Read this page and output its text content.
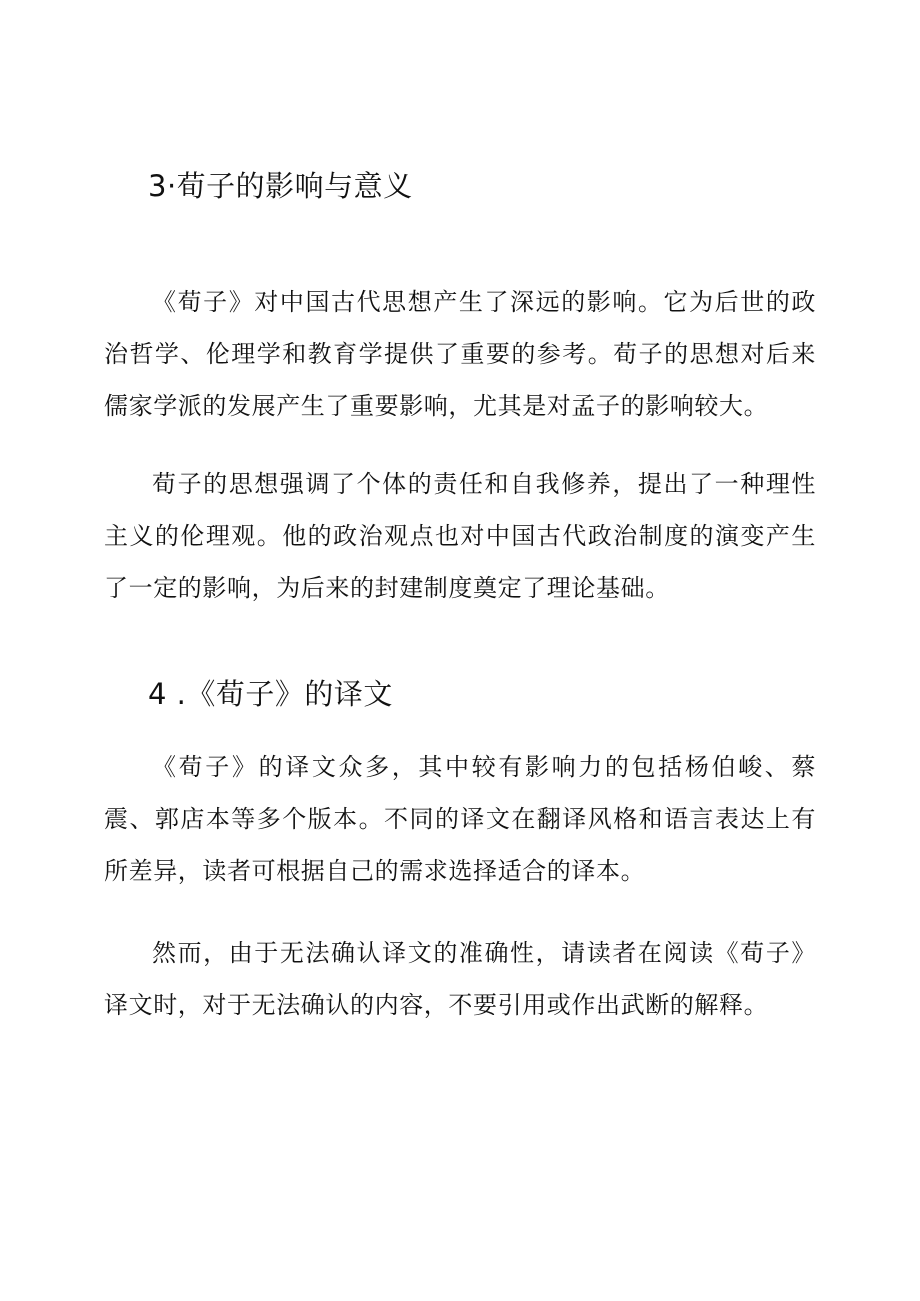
3·荀子的影响与意义

《荀子》对中国古代思想产生了深远的影响。它为后世的政治哲学、伦理学和教育学提供了重要的参考。荀子的思想对后来儒家学派的发展产生了重要影响，尤其是对孟子的影响较大。

荀子的思想强调了个体的责任和自我修养，提出了一种理性主义的伦理观。他的政治观点也对中国古代政治制度的演变产生了一定的影响，为后来的封建制度奠定了理论基础。

4 .《荀子》的译文

《荀子》的译文众多，其中较有影响力的包括杨伯峻、蔡震、郭店本等多个版本。不同的译文在翻译风格和语言表达上有所差异，读者可根据自己的需求选择适合的译本。

然而，由于无法确认译文的准确性，请读者在阅读《荀子》译文时，对于无法确认的内容，不要引用或作出武断的解释。
